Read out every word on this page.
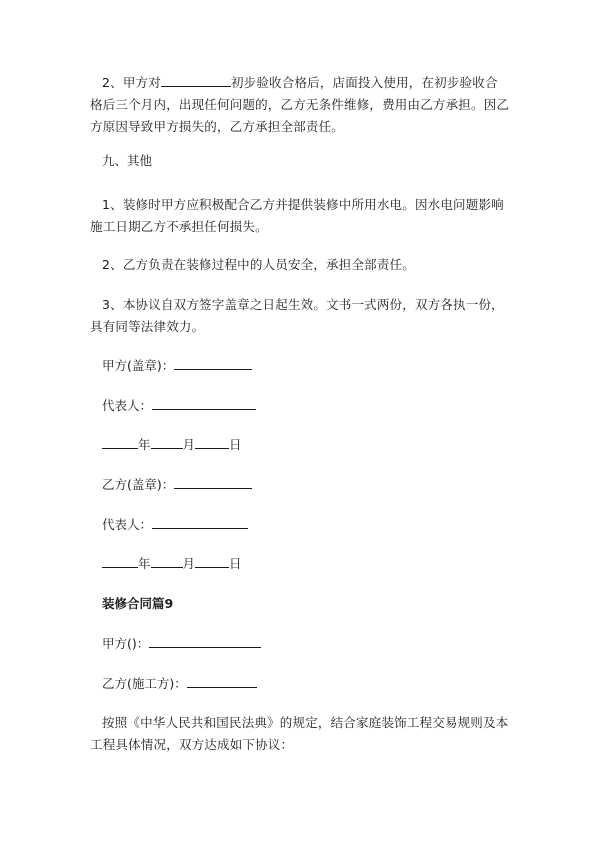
2、甲方对	初步验收合格后，店面投入使用，在初步验收合格后三个月内，出现任何问题的，乙方无条件维修，费用由乙方承担。因乙方原因导致甲方损失的，乙方承担全部责任。

九、其他

1、装修时甲方应积极配合乙方并提供装修中所用水电。因水电问题影响施工日期乙方不承担任何损失。

2、乙方负责在装修过程中的人员安全，承担全部责任。

3、本协议自双方签字盖章之日起生效。文书一式两份，双方各执一份，具有同等法律效力。

甲方(盖章)：

代表人：

年	月	日

乙方(盖章)：

代表人：

年	月	日

装修合同篇9

甲方()：

乙方(施工方)：

按照《中华人民共和国民法典》的规定，结合家庭装饰工程交易规则及本工程具体情况，双方达成如下协议：
